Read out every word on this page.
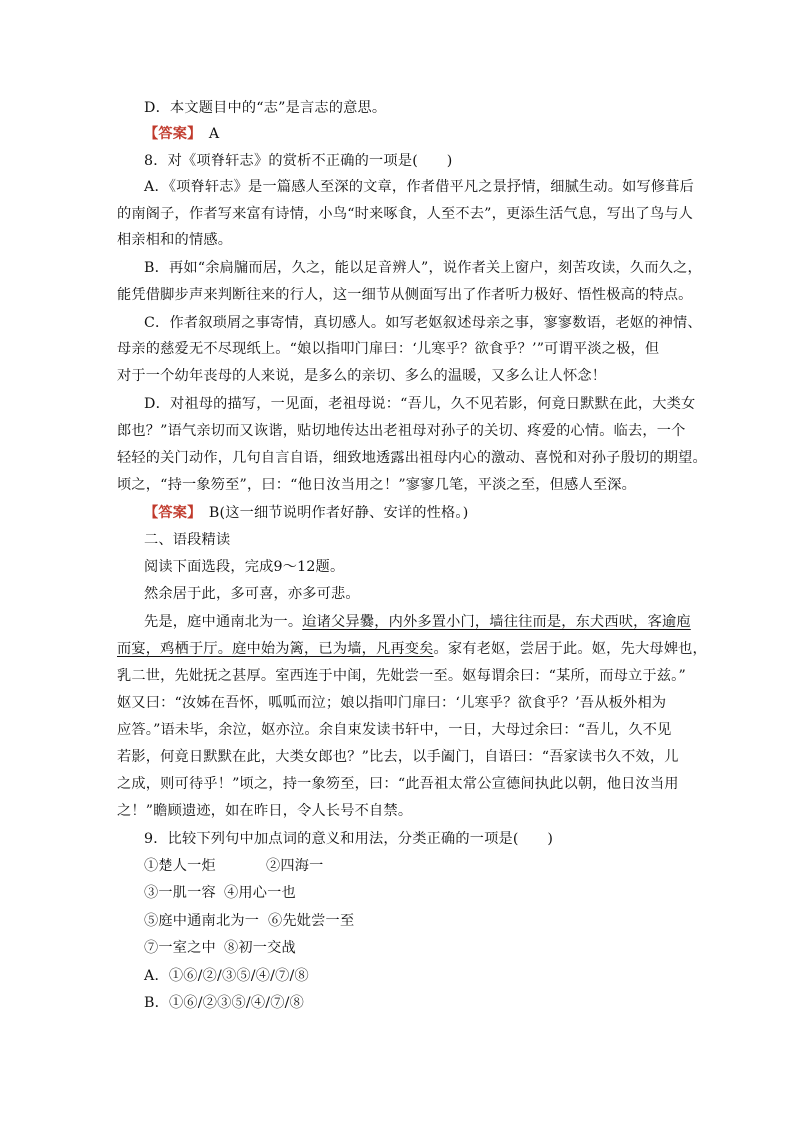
D．本文题目中的“志”是言志的意思。
【答案】　 A
8．对《项脊轩志》的赏析不正确的一项是(　　)
A．《项脊轩志》是一篇感人至深的文章，作者借平凡之景抒情，细腻生动。如写修葺后
的南阁子，作者写来富有诗情，小鸟“时来啄食，人至不去”，更添生活气息，写出了鸟与人
相亲相和的情感。
B．再如“余扃牖而居，久之，能以足音辨人”，说作者关上窗户，刻苦攻读，久而久之，
能凭借脚步声来判断往来的行人，这一细节从侧面写出了作者听力极好、悟性极高的特点。
C．作者叙琐屑之事寄情，真切感人。如写老妪叙述母亲之事，寥寥数语，老妪的神情、
母亲的慈爱无不尽现纸上。“娘以指叩门扉曰：‘儿寒乎？欲食乎？’”可谓平淡之极，但
对于一个幼年丧母的人来说，是多么的亲切、多么的温暖，又多么让人怀念！
D．对祖母的描写，一见面，老祖母说：“吾儿，久不见若影，何竟日默默在此，大类女
郎也？”语气亲切而又诙谐，贴切地传达出老祖母对孙子的关切、疼爱的心情。临去，一个
轻轻的关门动作，几句自言自语，细致地透露出祖母内心的激动、喜悦和对孙子殷切的期望。
顷之，“持一象笏至”，曰：“他日汝当用之！”寥寥几笔，平淡之至，但感人至深。
【答案】　 B(这一细节说明作者好静、安详的性格。)
二、语段精读
阅读下面选段，完成9～12题。
然余居于此，多可喜，亦多可悲。
先是，庭中通南北为一。迨诸父异爨，内外多置小门，墙往往而是，东犬西吠，客逾庖
而宴，鸡栖于厅。庭中始为篱，已为墙，凡再变矣。家有老妪，尝居于此。妪，先大母婢也，
乳二世，先妣抚之甚厚。室西连于中闺，先妣尝一至。妪每谓余曰：“某所，而母立于兹。”
妪又曰：“汝姊在吾怀，呱呱而泣；娘以指叩门扉曰：‘儿寒乎？欲食乎？’吾从板外相为
应答。”语未毕，余泣，妪亦泣。余自束发读书轩中，一日，大母过余曰：“吾儿，久不见
若影，何竟日默默在此，大类女郎也？”比去，以手阖门，自语曰：“吾家读书久不效，儿
之成，则可待乎！”顷之，持一象笏至，曰：“此吾祖太常公宣德间执此以朝，他日汝当用
之！”瞻顾遗迹，如在昨日，令人长号不自禁。
9．比较下列句中加点词的意义和用法，分类正确的一项是(　　)
①楚人一炬	②四海一
③一肌一容 ④用心一也
⑤庭中通南北为一 ⑥先妣尝一至
⑦一室之中 ⑧初一交战
A．①⑥/②/③⑤/④/⑦/⑧
B．①⑥/②③⑤/④/⑦/⑧
